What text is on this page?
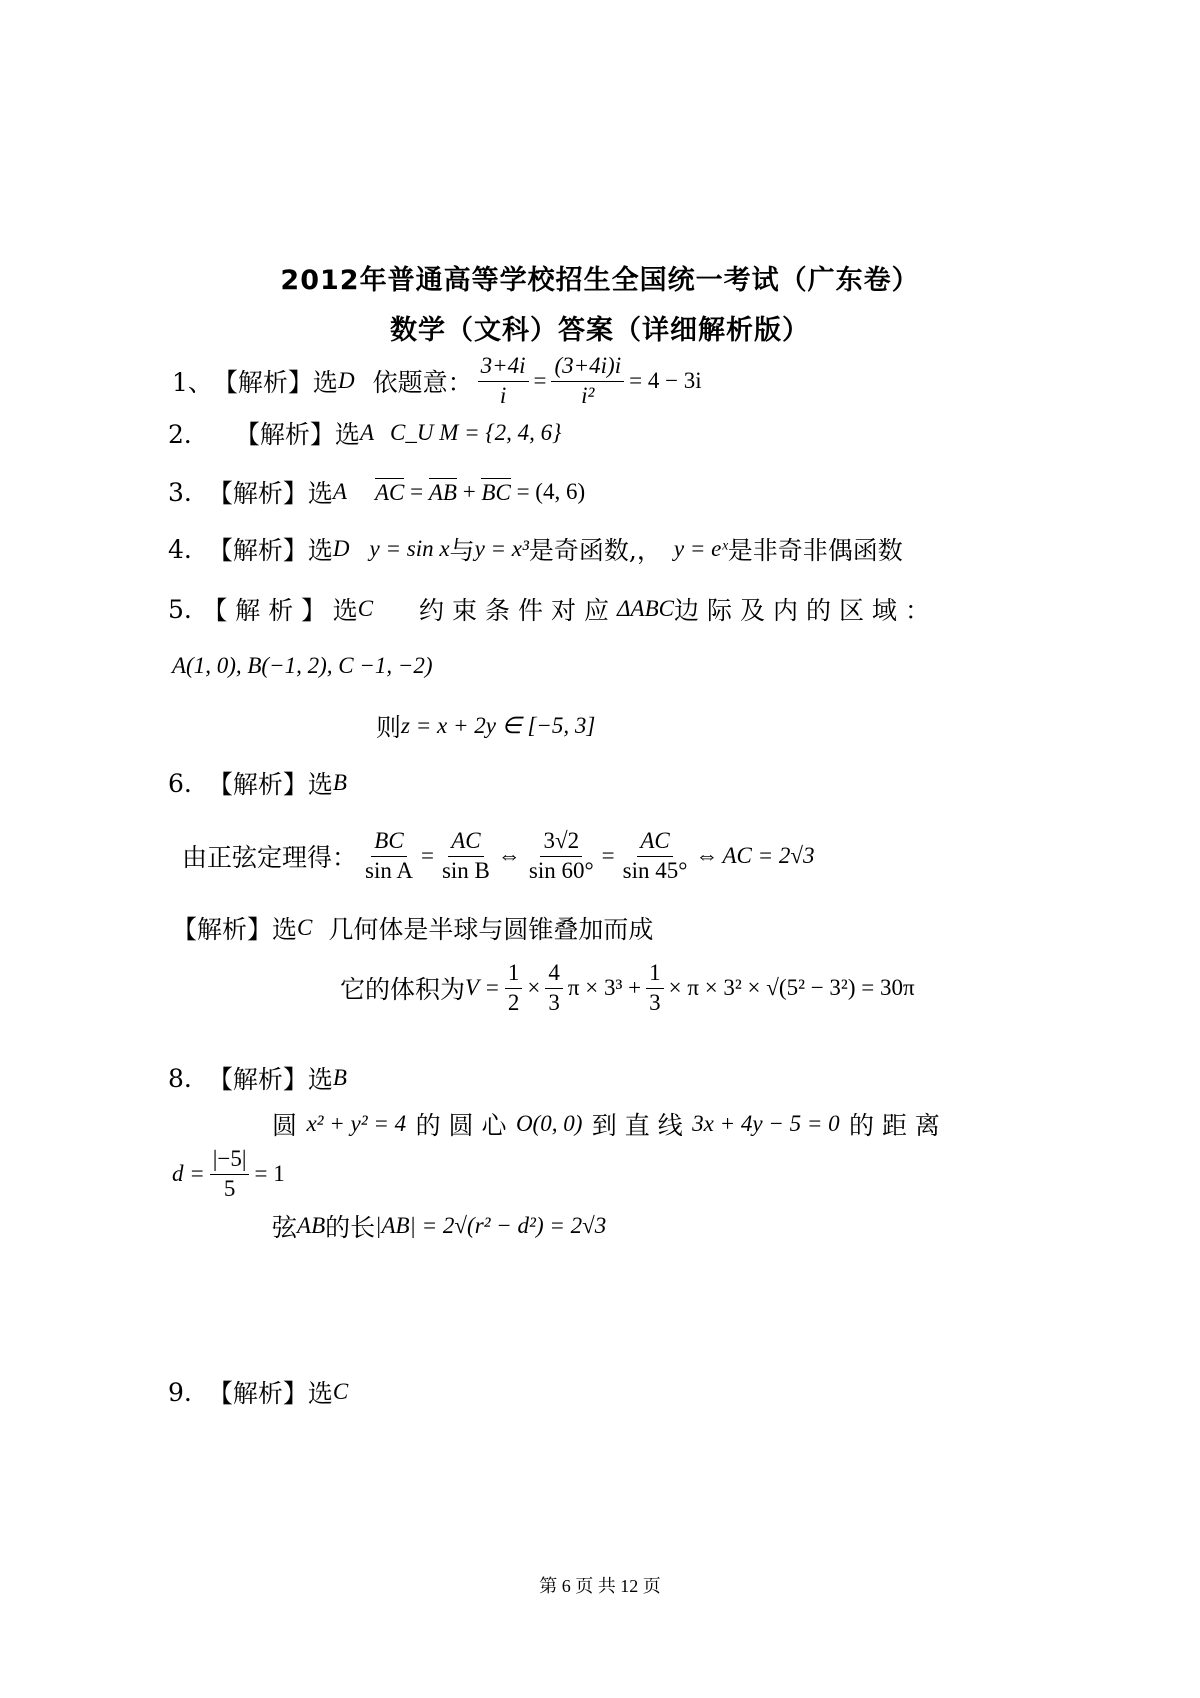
2012年普通高等学校招生全国统一考试（广东卷）
数学（文科）答案（详细解析版）
1、 【解析】 选 D 依题意： $\frac{3+4i}{i} = \frac{(3+4i)i}{\text{i²}} = 4 - 3i$
2． 【解析】 选 A C_U M = {2, 4, 6}
3. 【解析】 选 A AC = AB + BC
= (4, 6)
4. 【解析】 选 D y = sin x 与 y = x³ 是奇函数,， y = eˣ 是非奇非偶函数
5. 【 解 析 】 选 C 约束条件对应 ΔABC 边际及内的区域：
A(1, 0), B(−1, 2), C −1, −2)
则 z = x + 2y ∈ [−5, 3]
6. 【解析】 选 B
由正弦定理得： $\frac{BC}{\text{sin A}} = \frac{AC}{\text{sin B}}$ ⇔ $\frac{3√2}{\sin 60^\circ} = \frac{AC}{\sin 45^\circ}$ ⇔ AC = 2√3
【解析】 选 C 几何体是半球与圆锥叠加而成
它的体积为 $V = \frac{1}{2} \times \frac{4}{3}$ $\pi \times 3^3 + \frac{1}{3} \times \pi \times 3^2 \times √(5^2 - 3^2) = 30\pi$
8. 【解析】 选 B
圆 x² + y² = 4 的 圆 心 O(0, 0) 到 直 线 3x + 4y − 5 = 0 的 距 离
$d = \frac{|-5|}{5} = 1$
弦 AB 的长 |AB| = 2√(r² − d²) = 2√3
9. 【解析】 选 C
第 6 页 共 12 页
